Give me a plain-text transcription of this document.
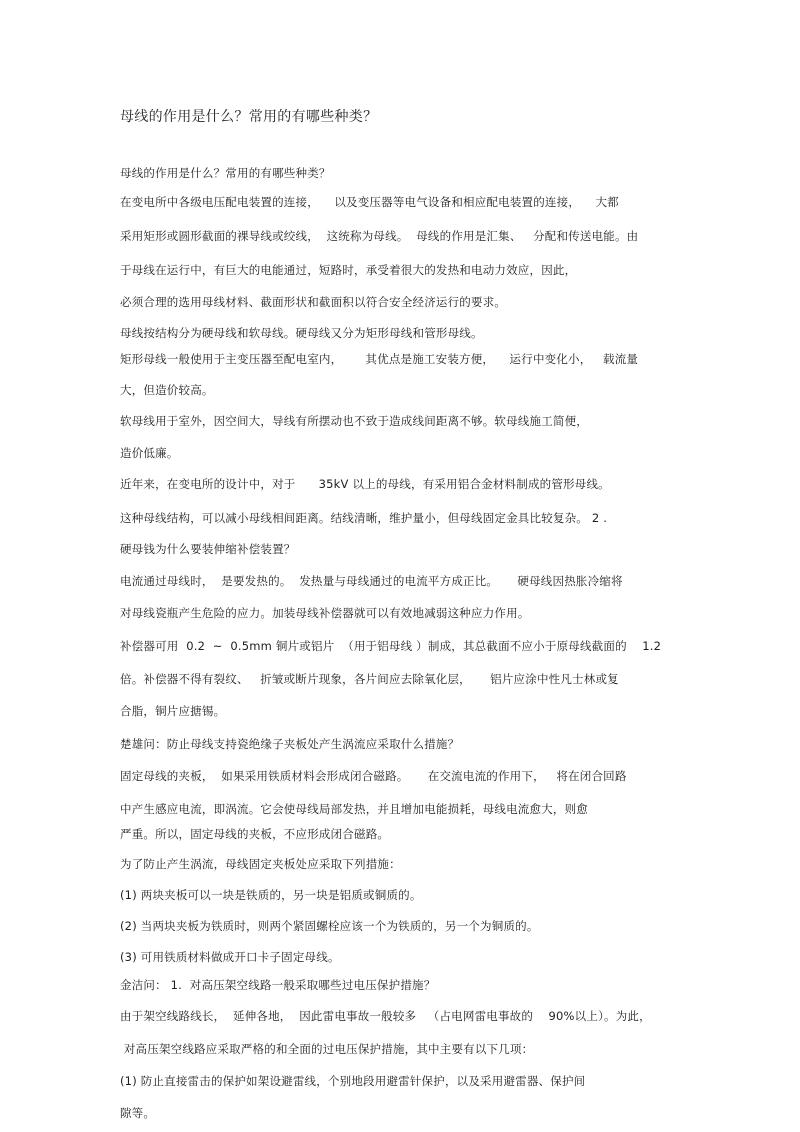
母线的作用是什么？常用的有哪些种类？
母线的作用是什么？常用的有哪些种类？
在变电所中各级电压配电装置的连接，    以及变压器等电气设备和相应配电装置的连接，    大都
采用矩形或圆形截面的裸导线或绞线，  这统称为母线。  母线的作用是汇集、   分配和传送电能。由
于母线在运行中，有巨大的电能通过，短路时，承受着很大的发热和电动力效应，因此，
必须合理的选用母线材料、截面形状和截面积以符合安全经济运行的要求。
母线按结构分为硬母线和软母线。硬母线又分为矩形母线和管形母线。
矩形母线一般使用于主变压器至配电室内，      其优点是施工安装方便，    运行中变化小，   载流量
大，但造价较高。
软母线用于室外，因空间大，导线有所摆动也不致于造成线间距离不够。软母线施工简便，
造价低廉。
近年来，在变电所的设计中，对于      35kV 以上的母线，有采用铝合金材料制成的管形母线。
这种母线结构，可以减小母线相间距离。结线清晰，维护量小，但母线固定金具比较复杂。 2 .
硬母钱为什么要装伸缩补偿装置？
电流通过母线时，  是要发热的。  发热量与母线通过的电流平方成正比。     硬母线因热胀冷缩将
对母线瓷瓶产生危险的应力。加装母线补偿器就可以有效地减弱这种应力作用。
补偿器可用  0.2  ~  0.5mm 铜片或铝片  （用于铝母线 ）制成，其总截面不应小于原母线截面的    1.2
倍。补偿器不得有裂纹、   折皱或断片现象，各片间应去除氧化层，     铝片应涂中性凡士林或复
合脂，铜片应搪锡。
楚雄问：防止母线支持瓷绝缘子夹板处产生涡流应采取什么措施？
固定母线的夹板，  如果采用铁质材料会形成闭合磁路。     在交流电流的作用下，   将在闭合回路
中产生感应电流，即涡流。它会使母线局部发热，并且增加电能损耗，母线电流愈大，则愈
严重。所以，固定母线的夹板，不应形成闭合磁路。
为了防止产生涡流，母线固定夹板处应采取下列措施：
(1) 两块夹板可以一块是铁质的，另一块是铝质或铜质的。
(2) 当两块夹板为铁质时，则两个紧固螺栓应该一个为铁质的，另一个为铜质的。
(3) 可用铁质材料做成开口卡子固定母线。
金洁问： 1.  对高压架空线路一般采取哪些过电压保护措施？
由于架空线路线长，  延伸各地，  因此雷电事故一般较多   （占电网雷电事故的    90%以上）。为此，
对高压架空线路应采取严格的和全面的过电压保护措施，其中主要有以下几项：
(1) 防止直接雷击的保护如架设避雷线，个别地段用避雷针保护，以及采用避雷器、保护间
隙等。
